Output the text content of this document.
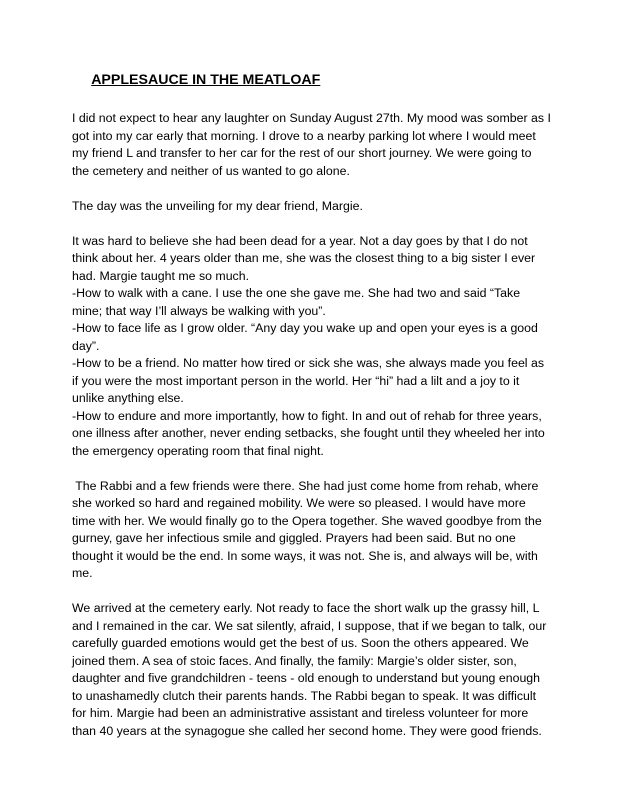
APPLESAUCE IN THE MEATLOAF

I did not expect to hear any laughter on Sunday August 27th. My mood was somber as I
got into my car early that morning. I drove to a nearby parking lot where I would meet
my friend L and transfer to her car for the rest of our short journey. We were going to
the cemetery and neither of us wanted to go alone.

The day was the unveiling for my dear friend, Margie.

It was hard to believe she had been dead for a year. Not a day goes by that I do not
think about her. 4 years older than me, she was the closest thing to a big sister I ever
had. Margie taught me so much.
-How to walk with a cane. I use the one she gave me. She had two and said “Take
mine; that way I’ll always be walking with you”.
-How to face life as I grow older. “Any day you wake up and open your eyes is a good
day”.
-How to be a friend. No matter how tired or sick she was, she always made you feel as
if you were the most important person in the world. Her “hi” had a lilt and a joy to it
unlike anything else.
-How to endure and more importantly, how to fight. In and out of rehab for three years,
one illness after another, never ending setbacks, she fought until they wheeled her into
the emergency operating room that final night.

The Rabbi and a few friends were there. She had just come home from rehab, where
she worked so hard and regained mobility. We were so pleased. I would have more
time with her. We would finally go to the Opera together. She waved goodbye from the
gurney, gave her infectious smile and giggled. Prayers had been said. But no one
thought it would be the end. In some ways, it was not. She is, and always will be, with
me.

We arrived at the cemetery early. Not ready to face the short walk up the grassy hill, L
and I remained in the car. We sat silently, afraid, I suppose, that if we began to talk, our
carefully guarded emotions would get the best of us. Soon the others appeared. We
joined them. A sea of stoic faces. And finally, the family: Margie’s older sister, son,
daughter and five grandchildren - teens - old enough to understand but young enough
to unashamedly clutch their parents hands. The Rabbi began to speak. It was difficult
for him. Margie had been an administrative assistant and tireless volunteer for more
than 40 years at the synagogue she called her second home. They were good friends.
